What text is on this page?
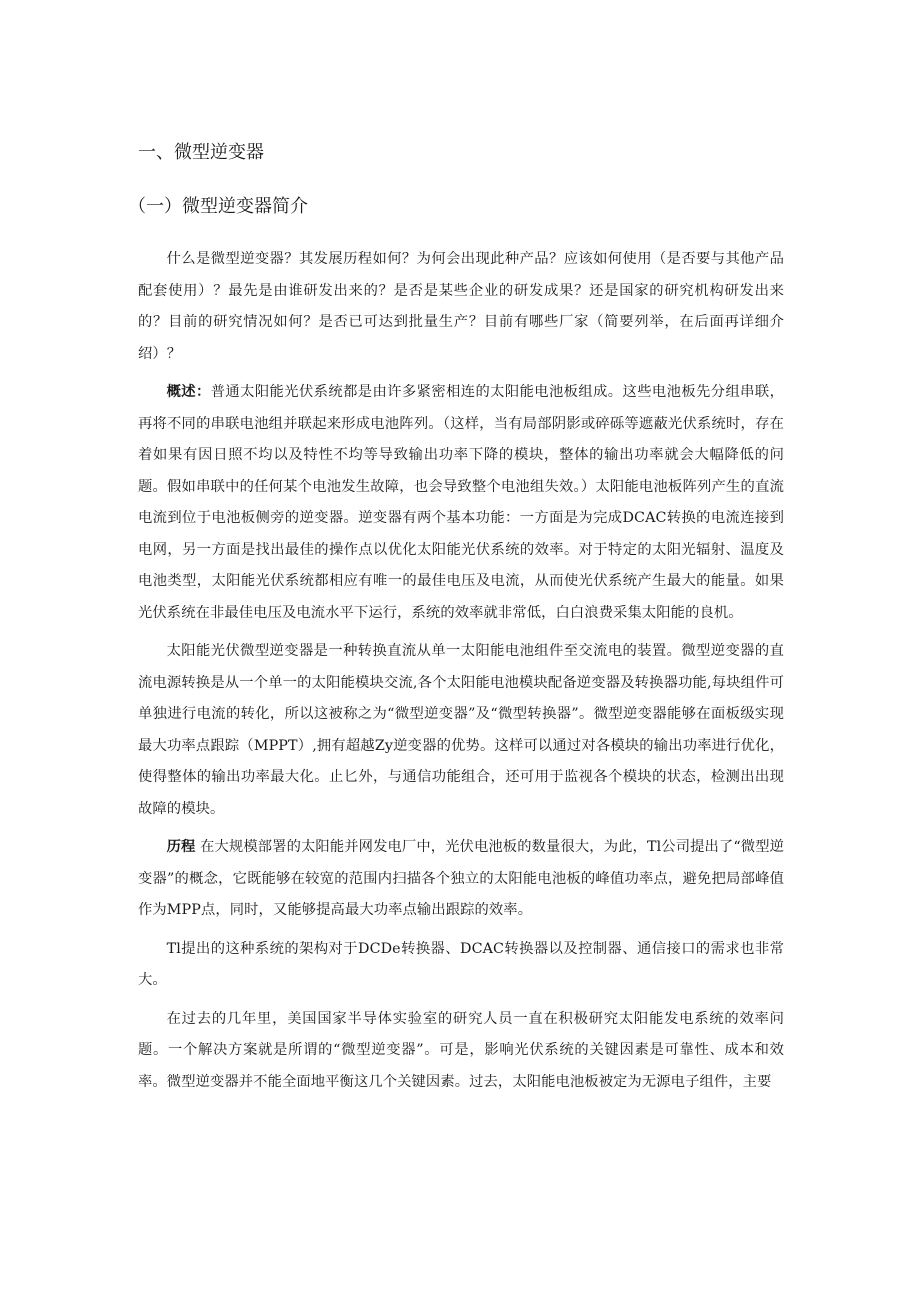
一、微型逆变器
（一）微型逆变器简介

什么是微型逆变器？其发展历程如何？为何会出现此种产品？应该如何使用（是否要与其他产品配套使用）？最先是由谁研发出来的？是否是某些企业的研发成果？还是国家的研究机构研发出来的？目前的研究情况如何？是否已可达到批量生产？目前有哪些厂家（简要列举，在后面再详细介绍）？

概述：普通太阳能光伏系统都是由许多紧密相连的太阳能电池板组成。这些电池板先分组串联，再将不同的串联电池组并联起来形成电池阵列。（这样，当有局部阴影或碎砾等遮蔽光伏系统时，存在着如果有因日照不均以及特性不均等导致输出功率下降的模块，整体的输出功率就会大幅降低的问题。假如串联中的任何某个电池发生故障，也会导致整个电池组失效。）太阳能电池板阵列产生的直流电流到位于电池板侧旁的逆变器。逆变器有两个基本功能：一方面是为完成DCAC转换的电流连接到电网，另一方面是找出最佳的操作点以优化太阳能光伏系统的效率。对于特定的太阳光辐射、温度及电池类型，太阳能光伏系统都相应有唯一的最佳电压及电流，从而使光伏系统产生最大的能量。如果光伏系统在非最佳电压及电流水平下运行，系统的效率就非常低，白白浪费采集太阳能的良机。

太阳能光伏微型逆变器是一种转换直流从单一太阳能电池组件至交流电的装置。微型逆变器的直流电源转换是从一个单一的太阳能模块交流,各个太阳能电池模块配备逆变器及转换器功能,每块组件可单独进行电流的转化，所以这被称之为“微型逆变器”及“微型转换器”。微型逆变器能够在面板级实现最大功率点跟踪（MPPT）,拥有超越Zy逆变器的优势。这样可以通过对各模块的输出功率进行优化，使得整体的输出功率最大化。止匕外，与通信功能组合，还可用于监视各个模块的状态，检测出出现故障的模块。

历程 在大规模部署的太阳能并网发电厂中，光伏电池板的数量很大，为此，Tl公司提出了“微型逆变器”的概念，它既能够在较宽的范围内扫描各个独立的太阳能电池板的峰值功率点，避免把局部峰值作为MPP点，同时，又能够提高最大功率点输出跟踪的效率。

Tl提出的这种系统的架构对于DCDe转换器、DCAC转换器以及控制器、通信接口的需求也非常大。

在过去的几年里，美国国家半导体实验室的研究人员一直在积极研究太阳能发电系统的效率问题。一个解决方案就是所谓的“微型逆变器”。可是，影响光伏系统的关键因素是可靠性、成本和效率。微型逆变器并不能全面地平衡这几个关键因素。过去，太阳能电池板被定为无源电子组件，主要
